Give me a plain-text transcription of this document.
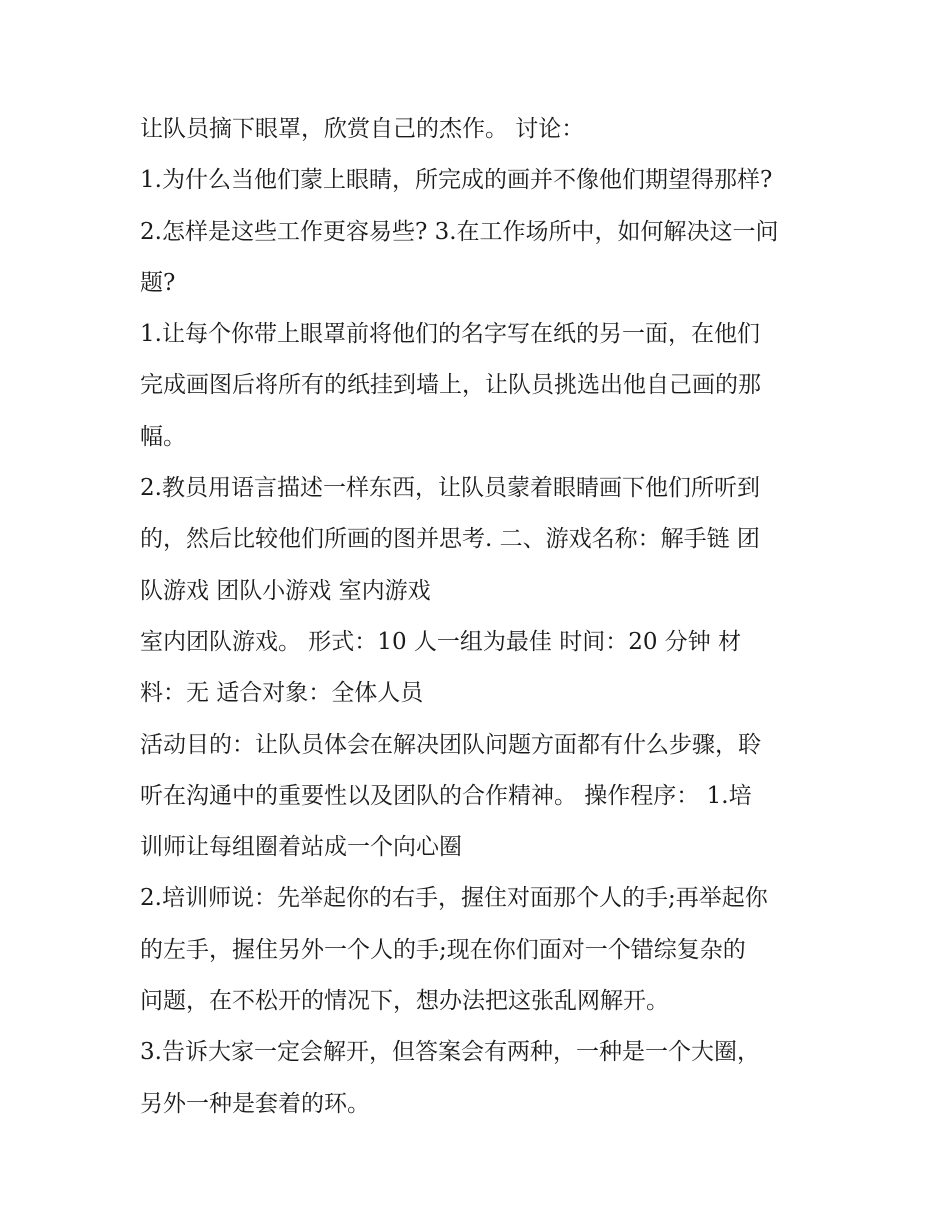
让队员摘下眼罩，欣赏自己的杰作。 讨论：
1.为什么当他们蒙上眼睛，所完成的画并不像他们期望得那样?
2.怎样是这些工作更容易些? 3.在工作场所中，如何解决这一问
题?
1.让每个你带上眼罩前将他们的名字写在纸的另一面，在他们
完成画图后将所有的纸挂到墙上，让队员挑选出他自己画的那
幅。
2.教员用语言描述一样东西，让队员蒙着眼睛画下他们所听到
的，然后比较他们所画的图并思考. 二、游戏名称：解手链 团
队游戏 团队小游戏 室内游戏
室内团队游戏。 形式：10 人一组为最佳 时间：20 分钟 材
料：无 适合对象：全体人员
活动目的：让队员体会在解决团队问题方面都有什么步骤，聆
听在沟通中的重要性以及团队的合作精神。 操作程序： 1.培
训师让每组圈着站成一个向心圈
2.培训师说：先举起你的右手，握住对面那个人的手;再举起你
的左手，握住另外一个人的手;现在你们面对一个错综复杂的
问题，在不松开的情况下，想办法把这张乱网解开。
3.告诉大家一定会解开，但答案会有两种，一种是一个大圈，
另外一种是套着的环。
